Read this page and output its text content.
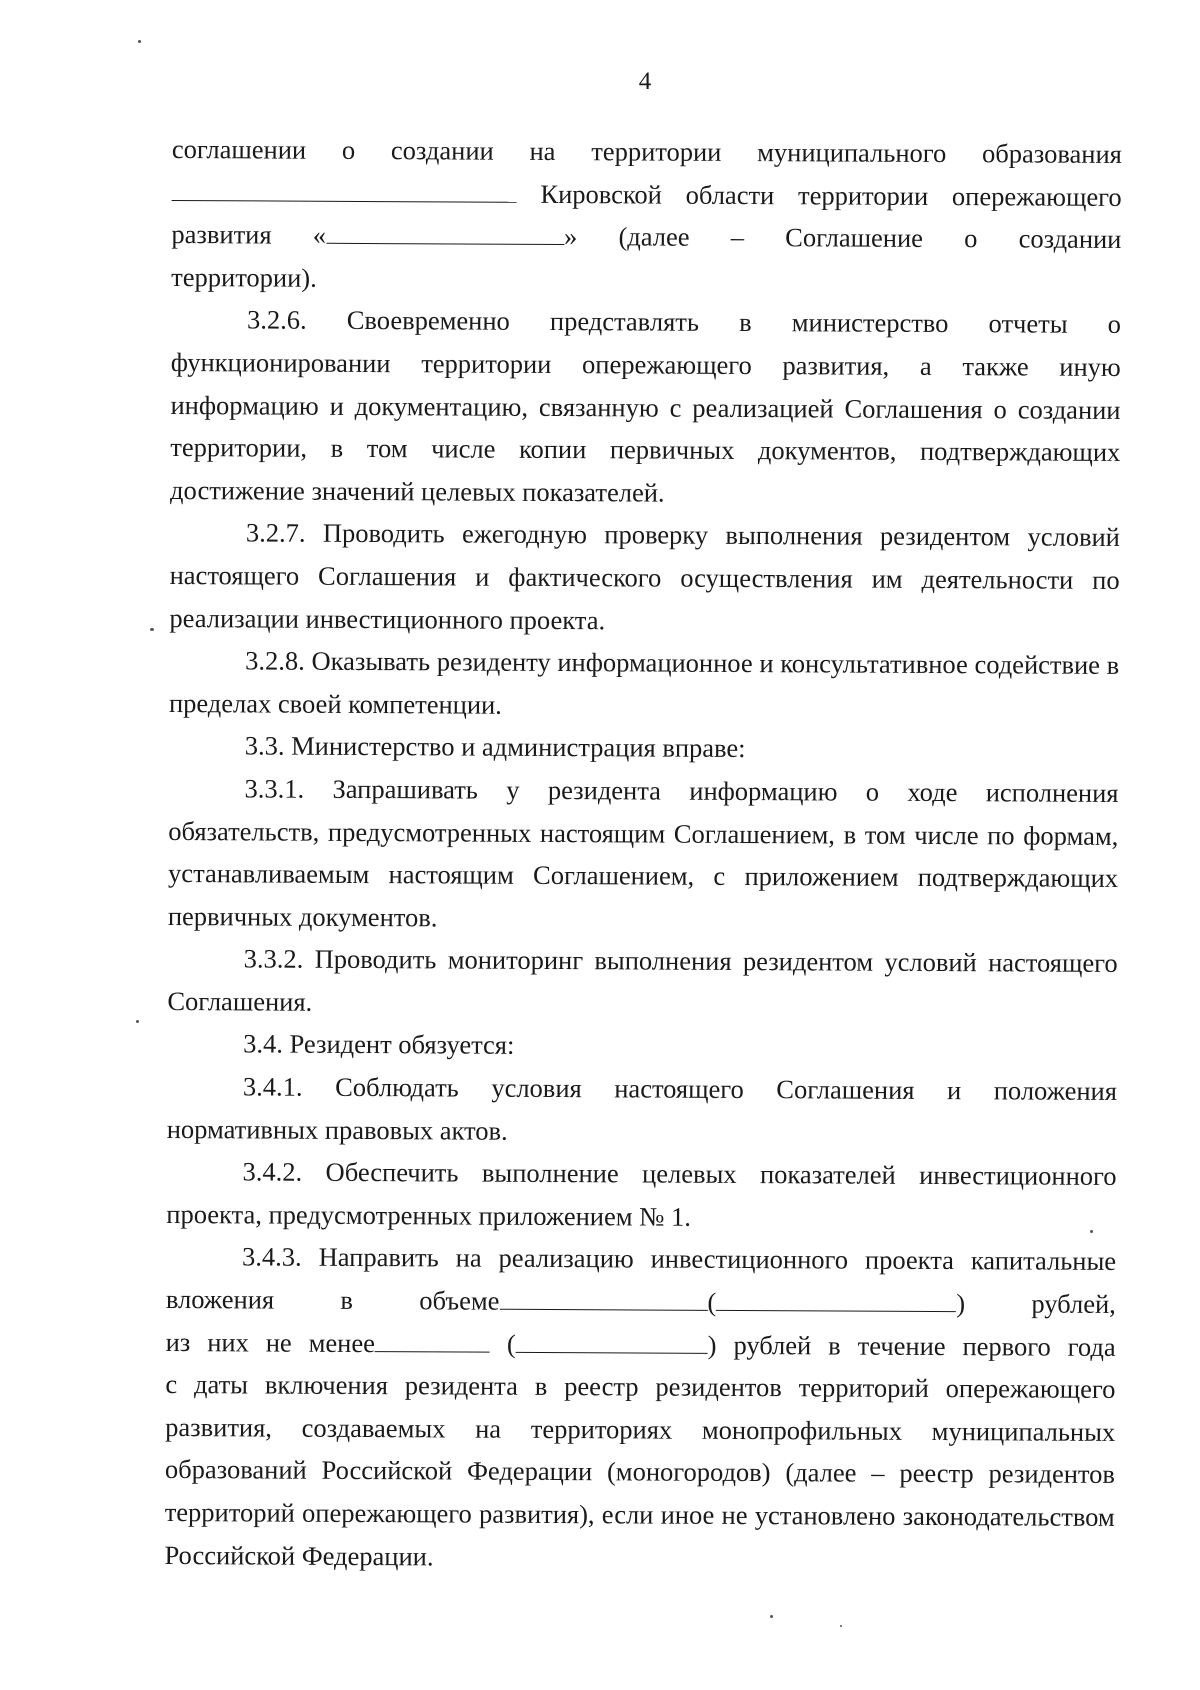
4

соглашении о создании на территории муниципального образования
Кировской области территории опережающего
развития «	» (далее – Соглашение о создании
территории).

3.2.6. Своевременно представлять в министерство отчеты о функционировании территории опережающего развития, а также иную информацию и документацию, связанную с реализацией Соглашения о создании территории, в том числе копии первичных документов, подтверждающих достижение значений целевых показателей.

3.2.7. Проводить ежегодную проверку выполнения резидентом условий настоящего Соглашения и фактического осуществления им деятельности по реализации инвестиционного проекта.

3.2.8. Оказывать резиденту информационное и консультативное содействие в пределах своей компетенции.

3.3. Министерство и администрация вправе:

3.3.1. Запрашивать у резидента информацию о ходе исполнения обязательств, предусмотренных настоящим Соглашением, в том числе по формам, устанавливаемым настоящим Соглашением, с приложением подтверждающих первичных документов.

3.3.2. Проводить мониторинг выполнения резидентом условий настоящего Соглашения.

3.4. Резидент обязуется:

3.4.1. Соблюдать условия настоящего Соглашения и положения нормативных правовых актов.

3.4.2. Обеспечить выполнение целевых показателей инвестиционного проекта, предусмотренных приложением № 1.

3.4.3. Направить на реализацию инвестиционного проекта капитальные
вложения в объеме	(	) рублей,
из них не менее	(	) рублей в течение первого года
с даты включения резидента в реестр резидентов территорий опережающего развития, создаваемых на территориях монопрофильных муниципальных образований Российской Федерации (моногородов) (далее – реестр резидентов территорий опережающего развития), если иное не установлено законодательством Российской Федерации.
